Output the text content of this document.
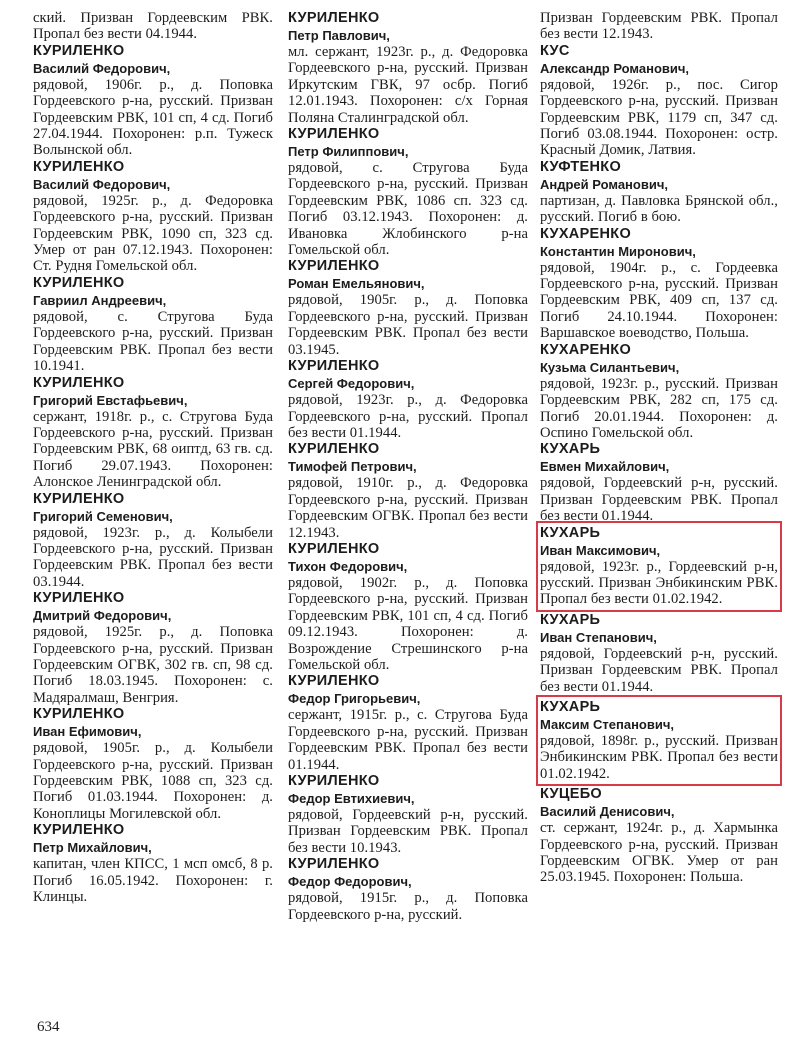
ский. Призван Гордеевским РВК. Пропал без вести 04.1944.
КУРИЛЕНКО
Василий Федорович,
рядовой, 1906г. р., д. Поповка Гордеевского р-на, русский. Призван Гордеевским РВК, 101 сп, 4 сд. Погиб 27.04.1944. Похоронен: р.п. Тужеск Волынской обл.
КУРИЛЕНКО
Василий Федорович,
рядовой, 1925г. р., д. Федоровка Гордеевского р-на, русский. Призван Гордеевским РВК, 1090 сп, 323 сд. Умер от ран 07.12.1943. Похоронен: Ст. Рудня Гомельской обл.
КУРИЛЕНКО
Гавриил Андреевич,
рядовой, с. Стругова Буда Гордеевского р-на, русский. Призван Гордеевским РВК. Пропал без вести 10.1941.
КУРИЛЕНКО
Григорий Евстафьевич,
сержант, 1918г. р., с. Стругова Буда Гордеевского р-на, русский. Призван Гордеевским РВК, 68 оиптд, 63 гв. сд. Погиб 29.07.1943. Похоронен: Алонское Ленинградской обл.
КУРИЛЕНКО
Григорий Семенович,
рядовой, 1923г. р., д. Колыбели Гордеевского р-на, русский. Призван Гордеевским РВК. Пропал без вести 03.1944.
КУРИЛЕНКО
Дмитрий Федорович,
рядовой, 1925г. р., д. Поповка Гордеевского р-на, русский. Призван Гордеевским ОГВК, 302 гв. сп, 98 сд. Погиб 18.03.1945. Похоронен: с. Мадяралмаш, Венгрия.
КУРИЛЕНКО
Иван Ефимович,
рядовой, 1905г. р., д. Колыбели Гордеевского р-на, русский. Призван Гордеевским РВК, 1088 сп, 323 сд. Погиб 01.03.1944. Похоронен: д. Коноплицы Могилевской обл.
КУРИЛЕНКО
Петр Михайлович,
капитан, член КПСС, 1 мсп омсб, 8 р. Погиб 16.05.1942. Похоронен: г. Клинцы.
КУРИЛЕНКО
Петр Павлович,
мл. сержант, 1923г. р., д. Федоровка Гордеевского р-на, русский. Призван Иркутским ГВК, 97 осбр. Погиб 12.01.1943. Похоронен: с/х Горная Поляна Сталинградской обл.
КУРИЛЕНКО
Петр Филиппович,
рядовой, с. Стругова Буда Гордеевского р-на, русский. Призван Гордеевским РВК, 1086 сп. 323 сд. Погиб 03.12.1943. Похоронен: д. Ивановка Жлобинского р-на Гомельской обл.
КУРИЛЕНКО
Роман Емельянович,
рядовой, 1905г. р., д. Поповка Гордеевского р-на, русский. Призван Гордеевским РВК. Пропал без вести 03.1945.
КУРИЛЕНКО
Сергей Федорович,
рядовой, 1923г. р., д. Федоровка Гордеевского р-на, русский. Пропал без вести 01.1944.
КУРИЛЕНКО
Тимофей Петрович,
рядовой, 1910г. р., д. Федоровка Гордеевского р-на, русский. Призван Гордеевским ОГВК. Пропал без вести 12.1943.
КУРИЛЕНКО
Тихон Федорович,
рядовой, 1902г. р., д. Поповка Гордеевского р-на, русский. Призван Гордеевским РВК, 101 сп, 4 сд. Погиб 09.12.1943. Похоронен: д. Возрождение Стрешинского р-на Гомельской обл.
КУРИЛЕНКО
Федор Григорьевич,
сержант, 1915г. р., с. Стругова Буда Гордеевского р-на, русский. Призван Гордеевским РВК. Пропал без вести 01.1944.
КУРИЛЕНКО
Федор Евтихиевич,
рядовой, Гордеевский р-н, русский. Призван Гордеевским РВК. Пропал без вести 10.1943.
КУРИЛЕНКО
Федор Федорович,
рядовой, 1915г. р., д. Поповка Гордеевского р-на, русский.
Призван Гордеевским РВК. Пропал без вести 12.1943.
КУС
Александр Романович,
рядовой, 1926г. р., пос. Сигор Гордеевского р-на, русский. Призван Гордеевским РВК, 1179 сп, 347 сд. Погиб 03.08.1944. Похоронен: остр. Красный Домик, Латвия.
КУФТЕНКО
Андрей Романович,
партизан, д. Павловка Брянской обл., русский. Погиб в бою.
КУХАРЕНКО
Константин Миронович,
рядовой, 1904г. р., с. Гордеевка Гордеевского р-на, русский. Призван Гордеевским РВК, 409 сп, 137 сд. Погиб 24.10.1944. Похоронен: Варшавское воеводство, Польша.
КУХАРЕНКО
Кузьма Силантьевич,
рядовой, 1923г. р., русский. Призван Гордеевским РВК, 282 сп, 175 сд. Погиб 20.01.1944. Похоронен: д. Оспино Гомельской обл.
КУХАРЬ
Евмен Михайлович,
рядовой, Гордеевский р-н, русский. Призван Гордеевским РВК. Пропал без вести 01.1944.
КУХАРЬ
Иван Максимович,
рядовой, 1923г. р., Гордеевский р-н, русский. Призван Энбикинским РВК. Пропал без вести 01.02.1942.
КУХАРЬ
Иван Степанович,
рядовой, Гордеевский р-н, русский. Призван Гордеевским РВК. Пропал без вести 01.1944.
КУХАРЬ
Максим Степанович,
рядовой, 1898г. р., русский. Призван Энбикинским РВК. Пропал без вести 01.02.1942.
КУЦЕБО
Василий Денисович,
ст. сержант, 1924г. р., д. Хармынка Гордеевского р-на, русский. Призван Гордеевским ОГВК. Умер от ран 25.03.1945. Похоронен: Польша.
634
